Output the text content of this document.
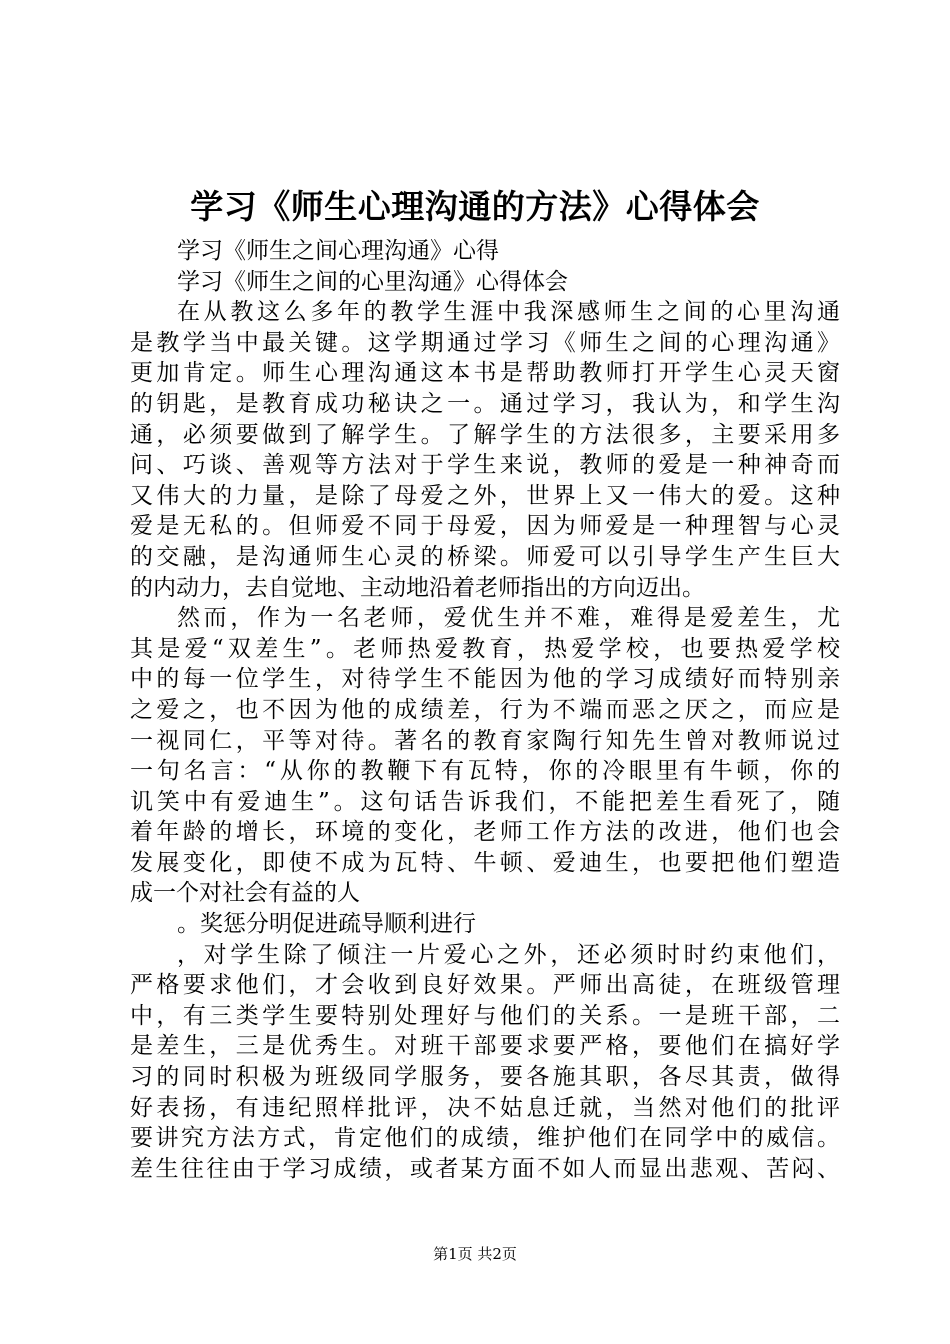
学习《师生心理沟通的方法》心得体会
学习《师生之间心理沟通》心得
学习《师生之间的心里沟通》心得体会
在从教这么多年的教学生涯中我深感师生之间的心里沟通
是教学当中最关键。这学期通过学习《师生之间的心理沟通》
更加肯定。师生心理沟通这本书是帮助教师打开学生心灵天窗
的钥匙，是教育成功秘诀之一。通过学习，我认为，和学生沟
通，必须要做到了解学生。了解学生的方法很多，主要采用多
问、巧谈、善观等方法对于学生来说，教师的爱是一种神奇而
又伟大的力量，是除了母爱之外，世界上又一伟大的爱。这种
爱是无私的。但师爱不同于母爱，因为师爱是一种理智与心灵
的交融，是沟通师生心灵的桥梁。师爱可以引导学生产生巨大
的内动力，去自觉地、主动地沿着老师指出的方向迈出。
然而，作为一名老师，爱优生并不难，难得是爱差生，尤
其是爱“双差生”。老师热爱教育，热爱学校，也要热爱学校
中的每一位学生，对待学生不能因为他的学习成绩好而特别亲
之爱之，也不因为他的成绩差，行为不端而恶之厌之，而应是
一视同仁，平等对待。著名的教育家陶行知先生曾对教师说过
一句名言：“从你的教鞭下有瓦特，你的冷眼里有牛顿，你的
讥笑中有爱迪生”。这句话告诉我们，不能把差生看死了，随
着年龄的增长，环境的变化，老师工作方法的改进，他们也会
发展变化，即使不成为瓦特、牛顿、爱迪生，也要把他们塑造
成一个对社会有益的人
。奖惩分明促进疏导顺利进行
，对学生除了倾注一片爱心之外，还必须时时约束他们，
严格要求他们，才会收到良好效果。严师出高徒，在班级管理
中，有三类学生要特别处理好与他们的关系。一是班干部，二
是差生，三是优秀生。对班干部要求要严格，要他们在搞好学
习的同时积极为班级同学服务，要各施其职，各尽其责，做得
好表扬，有违纪照样批评，决不姑息迁就，当然对他们的批评
要讲究方法方式，肯定他们的成绩，维护他们在同学中的威信。
差生往往由于学习成绩，或者某方面不如人而显出悲观、苦闷、
第1页 共2页
